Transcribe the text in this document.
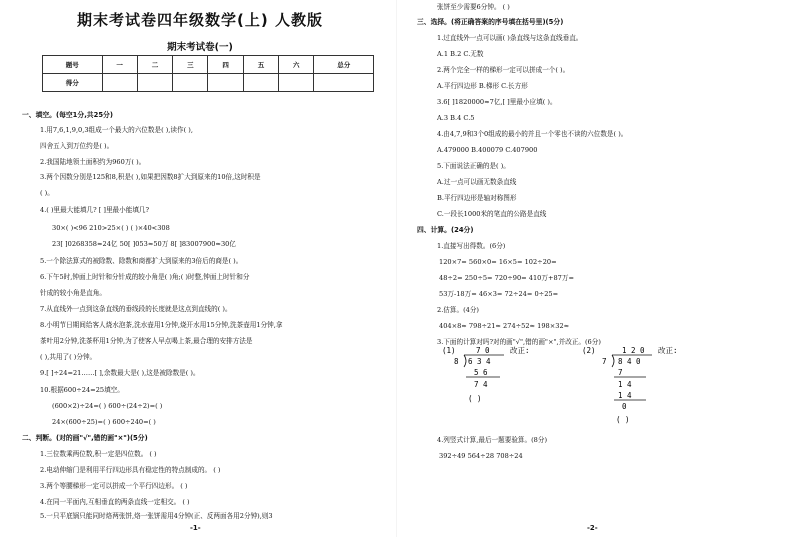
期末考试卷四年级数学(上) 人教版
期末考试卷(一)
题号	一	二	三	四	五	六	总分
得分							
一、填空。(每空1分,共25分)
1.用7,6,1,9,0,3组成一个最大的六位数是( ),读作( ),
四舍五入到万位约是( )。
2.我国陆地领土面积约为960万( )。
3.两个因数分别是125和8,积是( ),如果把因数8扩大到原来的10倍,这时积是
( )。
4.( )里最大能填几? [ ]里最小能填几?
30×( )<96 210>25×( ) ( )×40<308
23[ ]0268358≈24亿 50[ ]053≈50万 8[ ]83007900≈30亿
5.一个除法算式的被除数、除数和商都扩大到原来的3倍后的商是( )。
6.下午5时,钟面上时针和分针成的较小角是( )角;( )时整,钟面上时针和分
针成的较小角是直角。
7.从直线外一点到这条直线的垂线段的长度就是这点到直线的( )。
8.小明节日期间给客人烧水泡茶,洗水壶用1分钟,烧开水用15分钟,洗茶壶用1分钟,拿
茶叶用2分钟,洗茶杯用1分钟,为了使客人早点喝上茶,最合理的安排方法是
( ),共用了( )分钟。
9.[ ]÷24=21……[ ],余数最大是( ),这是被除数是( )。
10.根据600÷24=25填空。
(600×2)÷24=( ) 600÷(24÷2)=( )
24×(600÷25)=( ) 600÷240=( )
二、判断。(对的画"√",错的画"×")(5分)
1.三位数乘两位数,积一定是四位数。 ( )
2.电动伸缩门是利用平行四边形具有稳定性的特点制成的。 ( )
3.两个等腰梯形一定可以拼成一个平行四边形。 ( )
4.在同一平面内,互相垂直的两条直线一定相交。 ( )
5.一只平底锅只能同时烙两张饼,烙一张饼需用4分钟(正、反两面各用2分钟),则3
-1-
张饼至少需要6分钟。 ( )
三、选择。(将正确答案的序号填在括号里)(5分)
1.过直线外一点可以画( )条直线与这条直线垂直。
A.1 B.2 C.无数
2.两个完全一样的梯形一定可以拼成一个( )。
A.平行四边形 B.梯形 C.长方形
3.6[ ]1820000≈7亿,[ ]里最小应填( )。
A.3 B.4 C.5
4.由4,7,9和3个0组成的最小的并且一个零也不读的六位数是( )。
A.479000 B.400079 C.407900
5.下面说法正确的是( )。
A.过一点可以画无数条直线
B.平行四边形是轴对称图形
C.一段长1000米的笔直的公路是直线
四、计算。(24分)
1.直接写出得数。(6分)
120×7= 560×0= 16×5= 102÷20=
48÷2= 250÷5= 720÷90= 410万+87万=
53万-18万= 46×3= 72÷24= 0÷25=
2.估算。(4分)
404×8≈ 798÷21≈ 274÷52≈ 198×32≈
3.下面的计算对吗?对的画"√",错的画"×",并改正。(6分)
(1)	7 0
8 6 3 4
5 6
7 4
( )
改正:	(2)	1 2 0
7 8 4 0
7
1 4
1 4
0
( )
改正:
4.列竖式计算,最后一题要验算。(8分)
392÷49 564÷28 708÷24
-2-
